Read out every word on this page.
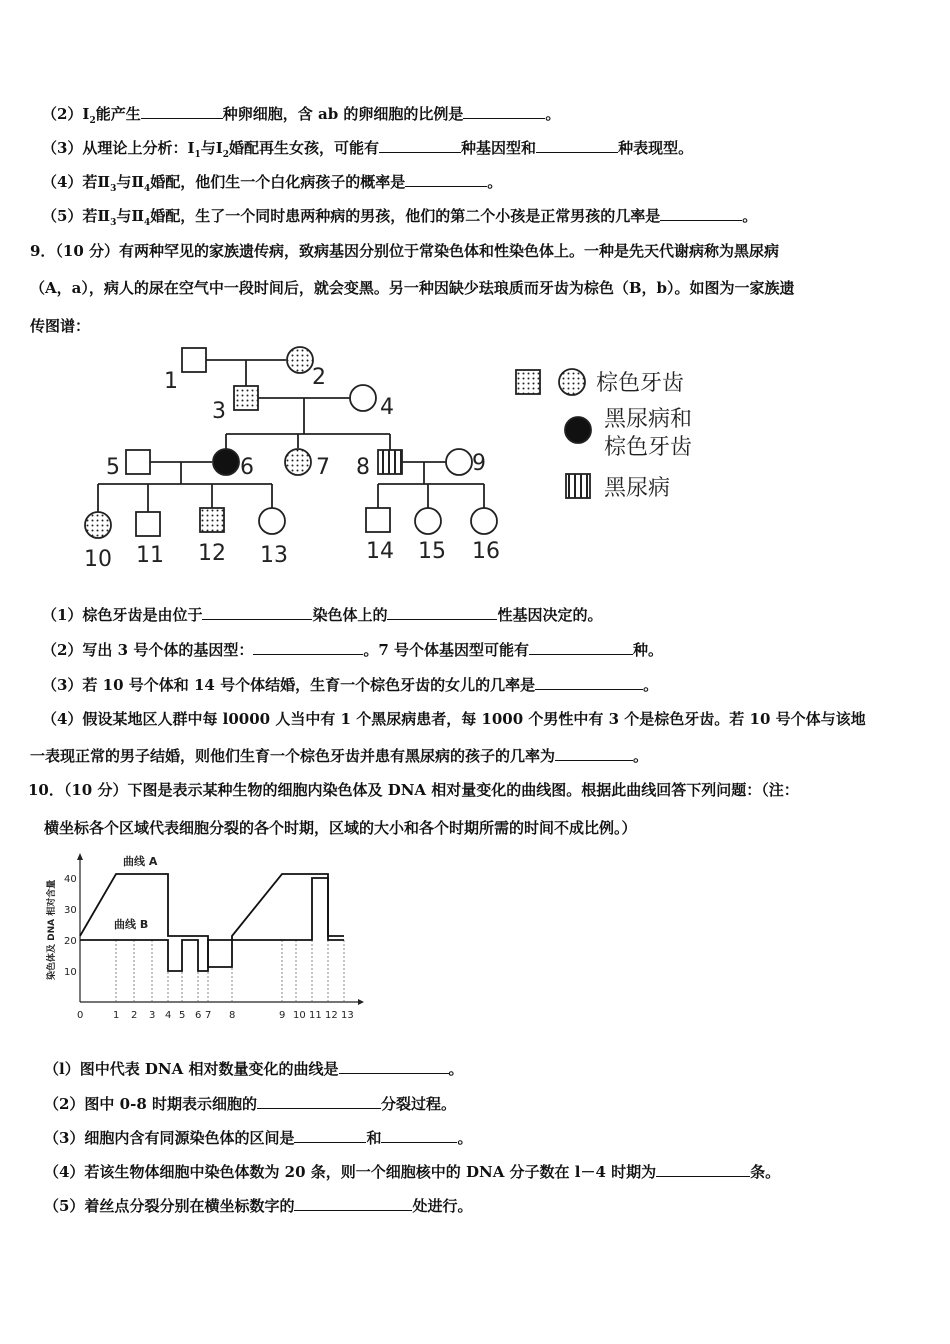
$(2)Ⅰ_2$能产生	种卵细胞，含 ab 的卵细胞的比例是	。
（3）从理论上分析：$Ⅰ_1$与$Ⅰ_2$婚配再生女孩，可能有	种基因型和	种表现型。
（4）若$Ⅱ_3$与$Ⅱ_4$婚配，他们生一个白化病孩子的概率是	。
（5）若$Ⅱ_3$与$Ⅱ_4$婚配，生了一个同时患两种病的男孩，他们的第二个小孩是正常男孩的几率是	。
9．（10 分）有两种罕见的家族遗传病，致病基因分别位于常染色体和性染色体上。一种是先天代谢病称为黑尿病
（A，a），病人的尿在空气中一段时间后，就会变黑。另一种因缺少珐琅质而牙齿为棕色（B，b）。如图为一家族遗
传图谱：
1	2
3	4
5	6	7 8	9
10 11 12 13	14 15 16
棕色牙齿
黑尿病和
棕色牙齿
黑尿病
（1）棕色牙齿是由位于	染色体上的	性基因决定的。
（2）写出 3 号个体的基因型：	。7 号个体基因型可能有	种。
（3）若 10 号个体和 14 号个体结婚，生育一个棕色牙齿的女儿的几率是	。
（4）假设某地区人群中每 l0000 人当中有 1 个黑尿病患者，每 1000 个男性中有 3 个是棕色牙齿。若 10 号个体与该地
一表现正常的男子结婚，则他们生育一个棕色牙齿并患有黑尿病的孩子的几率为	。
10．（10 分）下图是表示某种生物的细胞内染色体及 DNA 相对量变化的曲线图。根据此曲线回答下列问题：（注：
横坐标各个区域代表细胞分裂的各个时期，区域的大小和各个时期所需的时间不成比例。）
染色体及 DNA 相对含量
0	1 2 3 4 5 6 7 8	9 10 11 12 13
10
20
30
40
曲线 A
曲线 B
（l）图中代表 DNA 相对数量变化的曲线是	。
（2）图中 0-8 时期表示细胞的	分裂过程。
（3）细胞内含有同源染色体的区间是	和	。
（4）若该生物体细胞中染色体数为 20 条，则一个细胞核中的 DNA 分子数在 l－4 时期为	条。
（5）着丝点分裂分别在横坐标数字的	处进行。
